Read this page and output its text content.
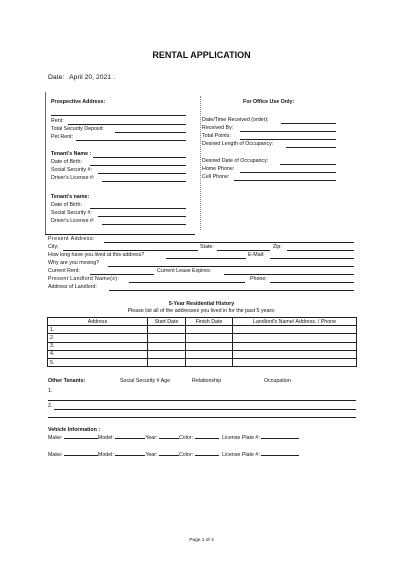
RENTAL APPLICATION
Date: April 20, 2021 .
Prospective Address:
Rent:
Total Security Deposit:
Pet Rent:
Tenant's Name :
Date of Birth:
Social Security #:
Driver's License #:
Tenant's name:
Date of Birth:
Social Security #:
Driver's License #:
For Office Use Only:
Date/Time Received (order):
Received By:
Total Points:
Desired Length of Occupancy:
Desired Date of Occupancy:
Home Phone:
Cell Phone:
Present Address:
City:	State:	Zip:
How long have you lived at this address?	E-Mail:
Why are you moving?
Current Rent:	Current Lease Expires:
Present Landlord Name(s):	Phone:
Address of Landlord:
5-Year Residential History
Please list all of the addresses you lived in for the past 5 years:
Address	Start Date	Finish Date	Landlord's Name/ Address. / Phone
1.			
2.			
3.			
4.			
5.			
Other Tenants:	Social Security # Age	Relationship	Occupation
1.
2.
Vehicle Information :
Make:	Model:	Year:	Color:	License Plate #:
Make:	Model:	Year:	Color:	License Plate #:
Page 1 of 4
